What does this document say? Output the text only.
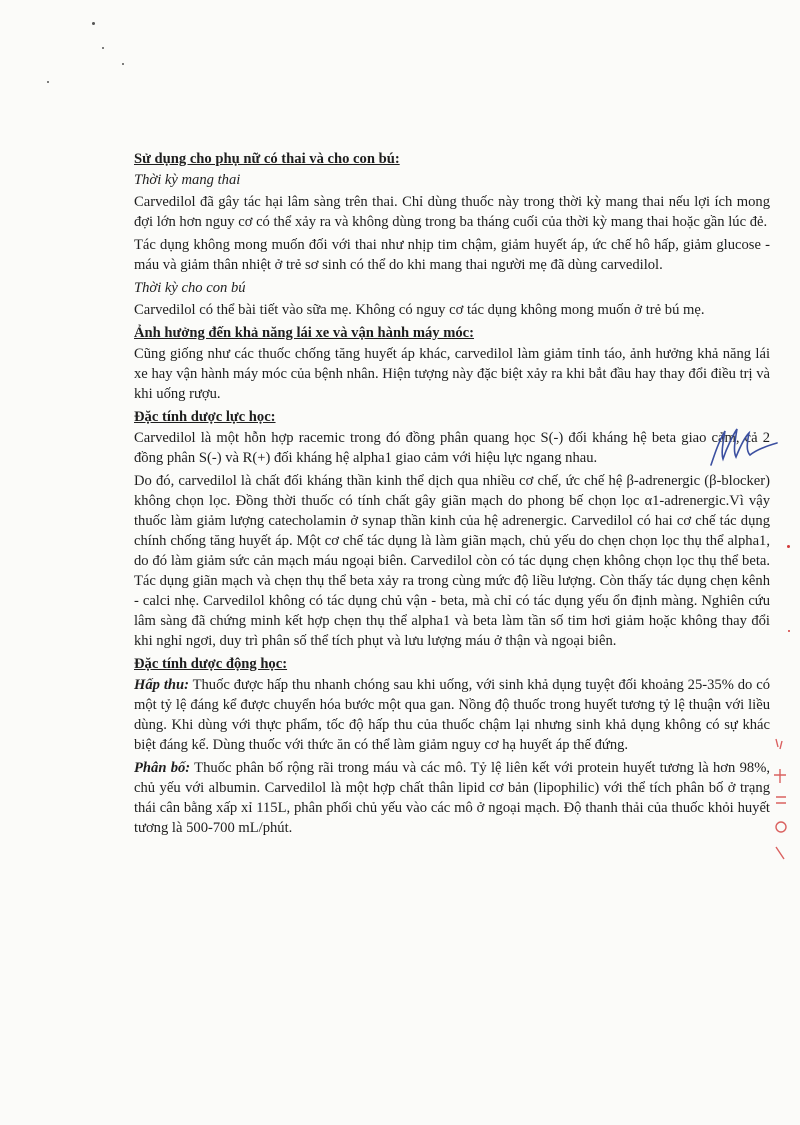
Sử dụng cho phụ nữ có thai và cho con bú:

Thời kỳ mang thai

Carvedilol đã gây tác hại lâm sàng trên thai. Chỉ dùng thuốc này trong thời kỳ mang thai nếu lợi ích mong đợi lớn hơn nguy cơ có thể xảy ra và không dùng trong ba tháng cuối của thời kỳ mang thai hoặc gần lúc đẻ.

Tác dụng không mong muốn đối với thai như nhịp tim chậm, giảm huyết áp, ức chế hô hấp, giảm glucose - máu và giảm thân nhiệt ở trẻ sơ sinh có thể do khi mang thai người mẹ đã dùng carvedilol.

Thời kỳ cho con bú

Carvedilol có thể bài tiết vào sữa mẹ. Không có nguy cơ tác dụng không mong muốn ở trẻ bú mẹ.

Ảnh hưởng đến khả năng lái xe và vận hành máy móc:

Cũng giống như các thuốc chống tăng huyết áp khác, carvedilol làm giảm tỉnh táo, ảnh hưởng khả năng lái xe hay vận hành máy móc của bệnh nhân. Hiện tượng này đặc biệt xảy ra khi bắt đầu hay thay đổi điều trị và khi uống rượu.

Đặc tính dược lực học:

Carvedilol là một hỗn hợp racemic trong đó đồng phân quang học S(-) đối kháng hệ beta giao cảm, cả 2 đồng phân S(-) và R(+) đối kháng hệ alpha1 giao cảm với hiệu lực ngang nhau.

Do đó, carvedilol là chất đối kháng thần kinh thể dịch qua nhiều cơ chế, ức chế hệ β-adrenergic (β-blocker) không chọn lọc. Đồng thời thuốc có tính chất gây giãn mạch do phong bế chọn lọc α1-adrenergic.Vì vậy thuốc làm giảm lượng catecholamin ở synap thần kinh của hệ adrenergic. Carvedilol có hai cơ chế tác dụng chính chống tăng huyết áp. Một cơ chế tác dụng là làm giãn mạch, chủ yếu do chẹn chọn lọc thụ thể alpha1, do đó làm giảm sức cản mạch máu ngoại biên. Carvedilol còn có tác dụng chẹn không chọn lọc thụ thể beta. Tác dụng giãn mạch và chẹn thụ thể beta xảy ra trong cùng mức độ liều lượng. Còn thấy tác dụng chẹn kênh - calci nhẹ. Carvedilol không có tác dụng chủ vận - beta, mà chỉ có tác dụng yếu ổn định màng. Nghiên cứu lâm sàng đã chứng minh kết hợp chẹn thụ thể alpha1 và beta làm tần số tim hơi giảm hoặc không thay đổi khi nghỉ ngơi, duy trì phân số thể tích phụt và lưu lượng máu ở thận và ngoại biên.

Đặc tính dược động học:

Hấp thu: Thuốc được hấp thu nhanh chóng sau khi uống, với sinh khả dụng tuyệt đối khoảng 25-35% do có một tỷ lệ đáng kể được chuyển hóa bước một qua gan. Nồng độ thuốc trong huyết tương tỷ lệ thuận với liều dùng. Khi dùng với thực phẩm, tốc độ hấp thu của thuốc chậm lại nhưng sinh khả dụng không có sự khác biệt đáng kể. Dùng thuốc với thức ăn có thể làm giảm nguy cơ hạ huyết áp thế đứng.

Phân bố: Thuốc phân bố rộng rãi trong máu và các mô. Tỷ lệ liên kết với protein huyết tương là hơn 98%, chủ yếu với albumin. Carvedilol là một hợp chất thân lipid cơ bản (lipophilic) với thể tích phân bố ở trạng thái cân bằng xấp xỉ 115L, phân phối chủ yếu vào các mô ở ngoại mạch. Độ thanh thải của thuốc khỏi huyết tương là 500-700 mL/phút.
